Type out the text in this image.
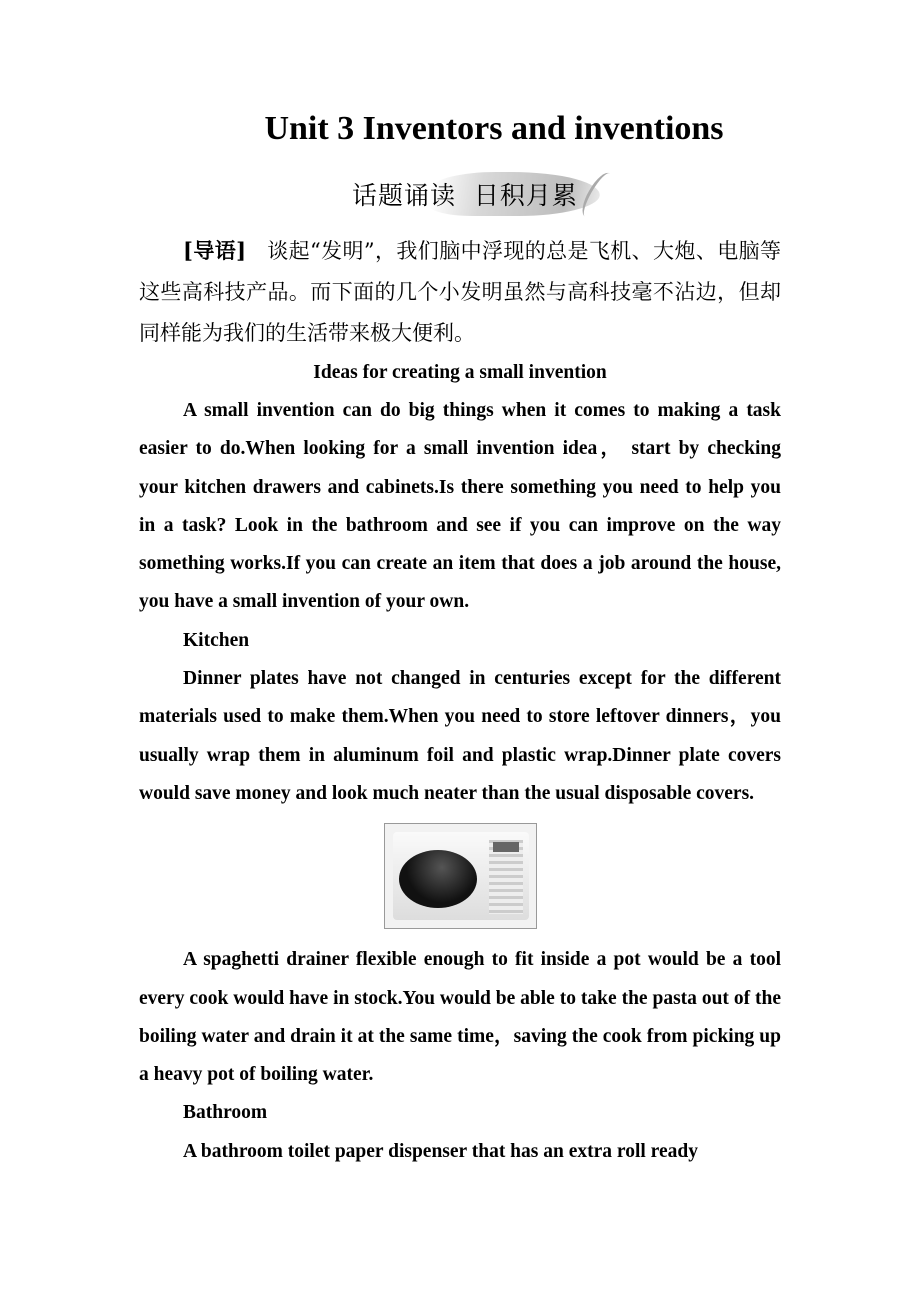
Unit 3 Inventors and inventions
话题诵读  日积月累

[导语] 谈起“发明”，我们脑中浮现的总是飞机、大炮、电脑等这些高科技产品。而下面的几个小发明虽然与高科技毫不沾边，但却同样能为我们的生活带来极大便利。

Ideas for creating a small invention

A small invention can do big things when it comes to making a task easier to do.When looking for a small invention idea， start by checking your kitchen drawers and cabinets.Is there something you need to help you in a task? Look in the bathroom and see if you can improve on the way something works.If you can create an item that does a job around the house, you have a small invention of your own.

Kitchen

Dinner plates have not changed in centuries except for the different materials used to make them.When you need to store leftover dinners，you usually wrap them in aluminum foil and plastic wrap.Dinner plate covers would save money and look much neater than the usual disposable covers.

A spaghetti drainer flexible enough to fit inside a pot would be a tool every cook would have in stock.You would be able to take the pasta out of the boiling water and drain it at the same time，saving the cook from picking up a heavy pot of boiling water.

Bathroom

A bathroom toilet paper dispenser that has an extra roll ready
